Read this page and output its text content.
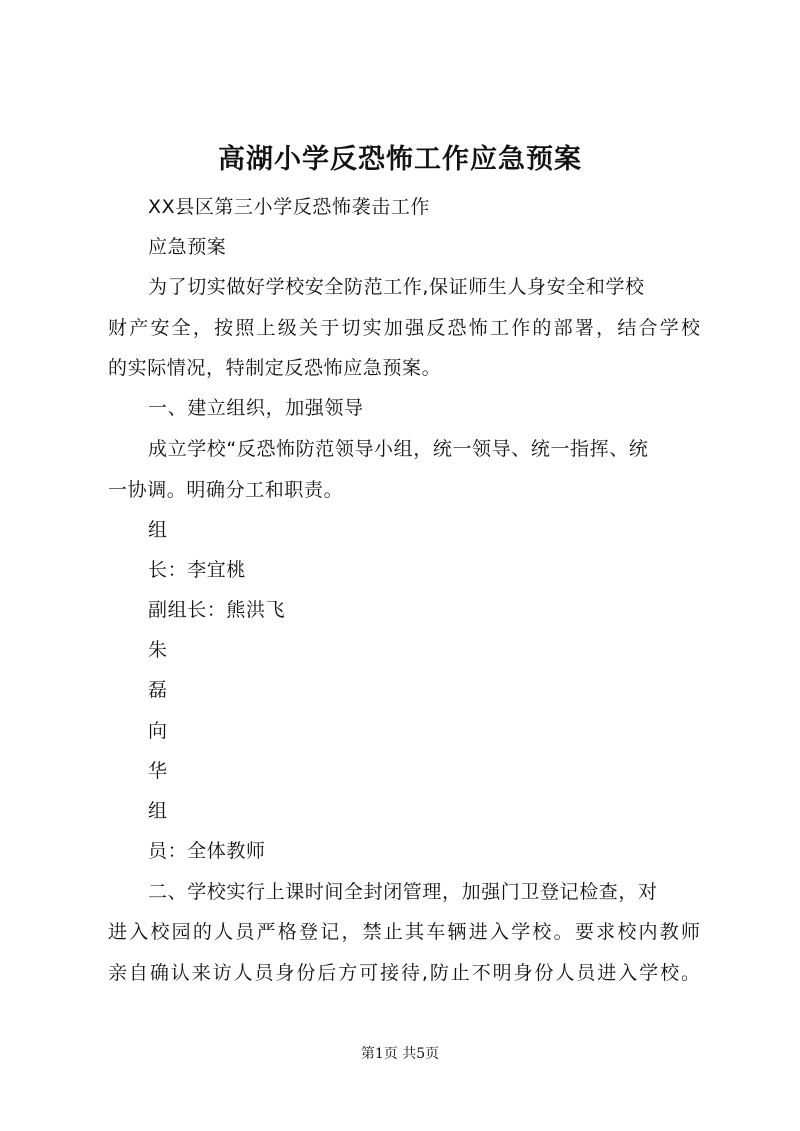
高湖小学反恐怖工作应急预案
XX县区第三小学反恐怖袭击工作
应急预案
为了切实做好学校安全防范工作,保证师生人身安全和学校
财产安全，按照上级关于切实加强反恐怖工作的部署，结合学校
的实际情况，特制定反恐怖应急预案。
一、建立组织，加强领导
成立学校“反恐怖防范领导小组，统一领导、统一指挥、统
一协调。明确分工和职责。
组
长：李宜桃
副组长：熊洪飞
朱
磊
向
华
组
员：全体教师
二、学校实行上课时间全封闭管理，加强门卫登记检查，对
进入校园的人员严格登记，禁止其车辆进入学校。要求校内教师
亲自确认来访人员身份后方可接待,防止不明身份人员进入学校。
第1页 共5页
